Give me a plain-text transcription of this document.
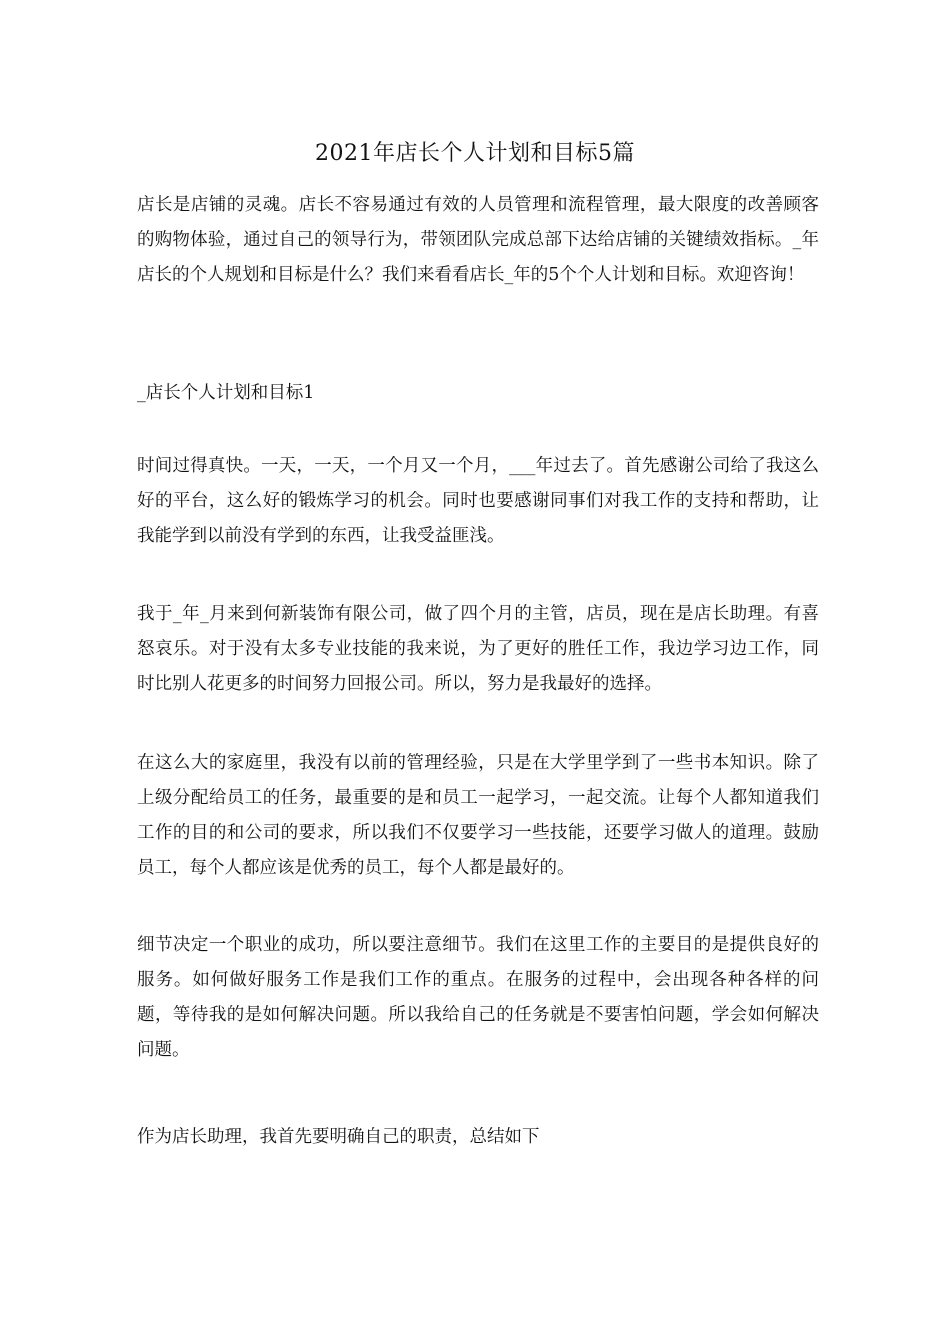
2021年店长个人计划和目标5篇

店长是店铺的灵魂。店长不容易通过有效的人员管理和流程管理，最大限度的改善顾客的购物体验，通过自己的领导行为，带领团队完成总部下达给店铺的关键绩效指标。_年店长的个人规划和目标是什么？我们来看看店长_年的5个个人计划和目标。欢迎咨询！

_店长个人计划和目标1

时间过得真快。一天，一天，一个月又一个月，___年过去了。首先感谢公司给了我这么好的平台，这么好的锻炼学习的机会。同时也要感谢同事们对我工作的支持和帮助，让我能学到以前没有学到的东西，让我受益匪浅。

我于_年_月来到何新装饰有限公司，做了四个月的主管，店员，现在是店长助理。有喜怒哀乐。对于没有太多专业技能的我来说，为了更好的胜任工作，我边学习边工作，同时比别人花更多的时间努力回报公司。所以，努力是我最好的选择。

在这么大的家庭里，我没有以前的管理经验，只是在大学里学到了一些书本知识。除了上级分配给员工的任务，最重要的是和员工一起学习，一起交流。让每个人都知道我们工作的目的和公司的要求，所以我们不仅要学习一些技能，还要学习做人的道理。鼓励员工，每个人都应该是优秀的员工，每个人都是最好的。

细节决定一个职业的成功，所以要注意细节。我们在这里工作的主要目的是提供良好的服务。如何做好服务工作是我们工作的重点。在服务的过程中，会出现各种各样的问题，等待我的是如何解决问题。所以我给自己的任务就是不要害怕问题，学会如何解决问题。

作为店长助理，我首先要明确自己的职责，总结如下
